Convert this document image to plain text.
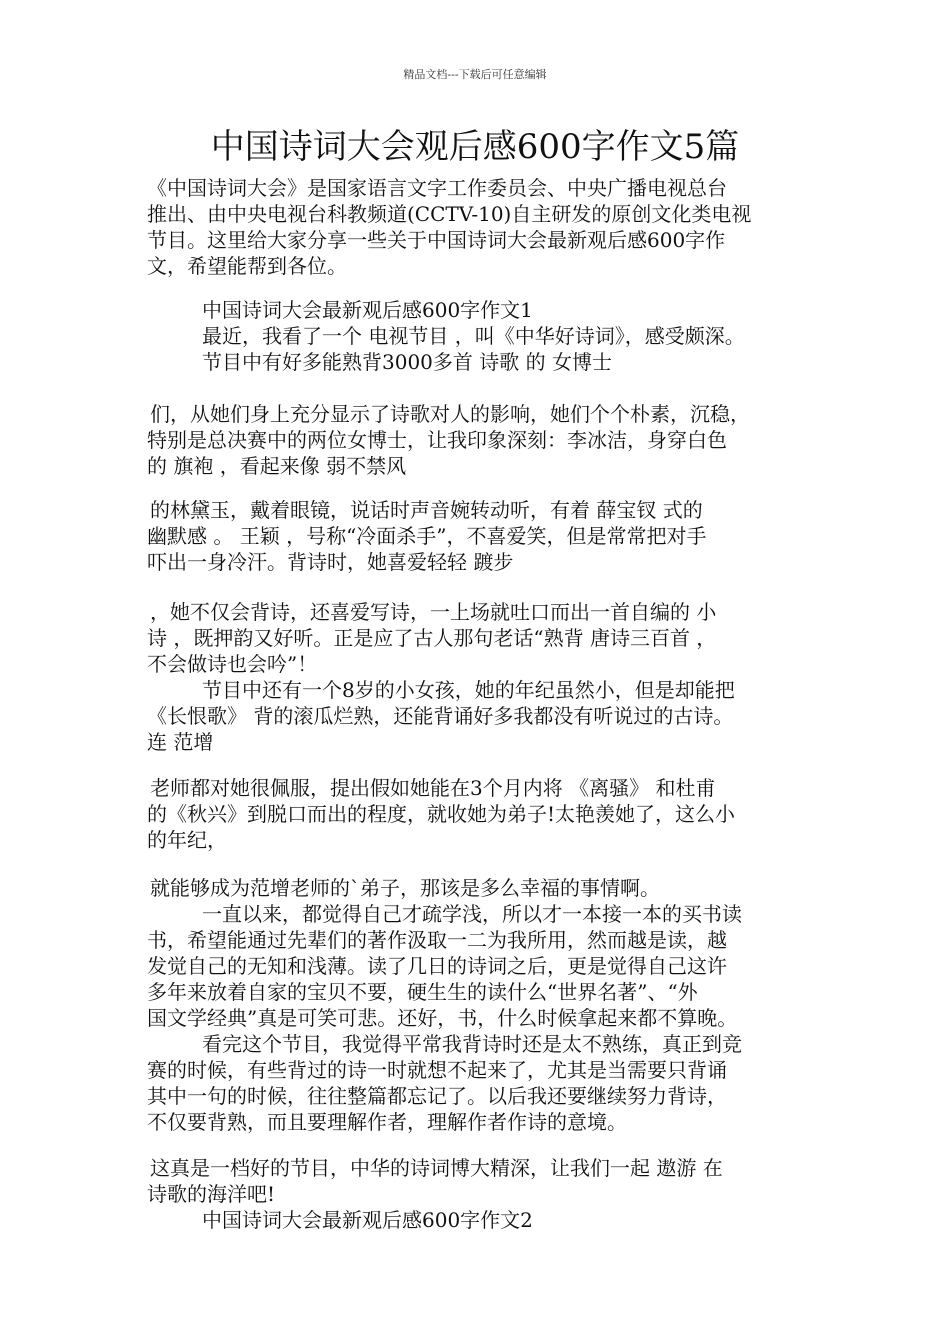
精品文档---下载后可任意编辑
中国诗词大会观后感600字作文5篇
《中国诗词大会》是国家语言文字工作委员会、中央广播电视总台
推出、由中央电视台科教频道(CCTV-10)自主研发的原创文化类电视
节目。这里给大家分享一些关于中国诗词大会最新观后感600字作
文，希望能帮到各位。
中国诗词大会最新观后感600字作文1
最近，我看了一个 电视节目 ，叫《中华好诗词》，感受颇深。
节目中有好多能熟背3000多首 诗歌 的 女博士
们，从她们身上充分显示了诗歌对人的影响，她们个个朴素，沉稳，
特别是总决赛中的两位女博士，让我印象深刻：李冰洁，身穿白色
的 旗袍 ，看起来像 弱不禁风
的林黛玉，戴着眼镜，说话时声音婉转动听，有着 薛宝钗 式的
幽默感 。 王颖 ，号称“冷面杀手”，不喜爱笑，但是常常把对手
吓出一身冷汗。背诗时，她喜爱轻轻 踱步
，她不仅会背诗，还喜爱写诗，一上场就吐口而出一首自编的 小
诗 ，既押韵又好听。正是应了古人那句老话“熟背 唐诗三百首 ，
不会做诗也会吟”！
节目中还有一个8岁的小女孩，她的年纪虽然小，但是却能把
《长恨歌》 背的滚瓜烂熟，还能背诵好多我都没有听说过的古诗。
连 范增
老师都对她很佩服，提出假如她能在3个月内将 《离骚》 和杜甫
的《秋兴》到脱口而出的程度，就收她为弟子!太艳羡她了，这么小
的年纪，
就能够成为范增老师的`弟子，那该是多么幸福的事情啊。
一直以来，都觉得自己才疏学浅，所以才一本接一本的买书读
书，希望能通过先辈们的著作汲取一二为我所用，然而越是读，越
发觉自己的无知和浅薄。读了几日的诗词之后，更是觉得自己这许
多年来放着自家的宝贝不要，硬生生的读什么“世界名著”、“外
国文学经典”真是可笑可悲。还好，书，什么时候拿起来都不算晚。
看完这个节目，我觉得平常我背诗时还是太不熟练，真正到竞
赛的时候，有些背过的诗一时就想不起来了，尤其是当需要只背诵
其中一句的时候，往往整篇都忘记了。以后我还要继续努力背诗，
不仅要背熟，而且要理解作者，理解作者作诗的意境。
这真是一档好的节目，中华的诗词博大精深，让我们一起 遨游 在
诗歌的海洋吧!
中国诗词大会最新观后感600字作文2
